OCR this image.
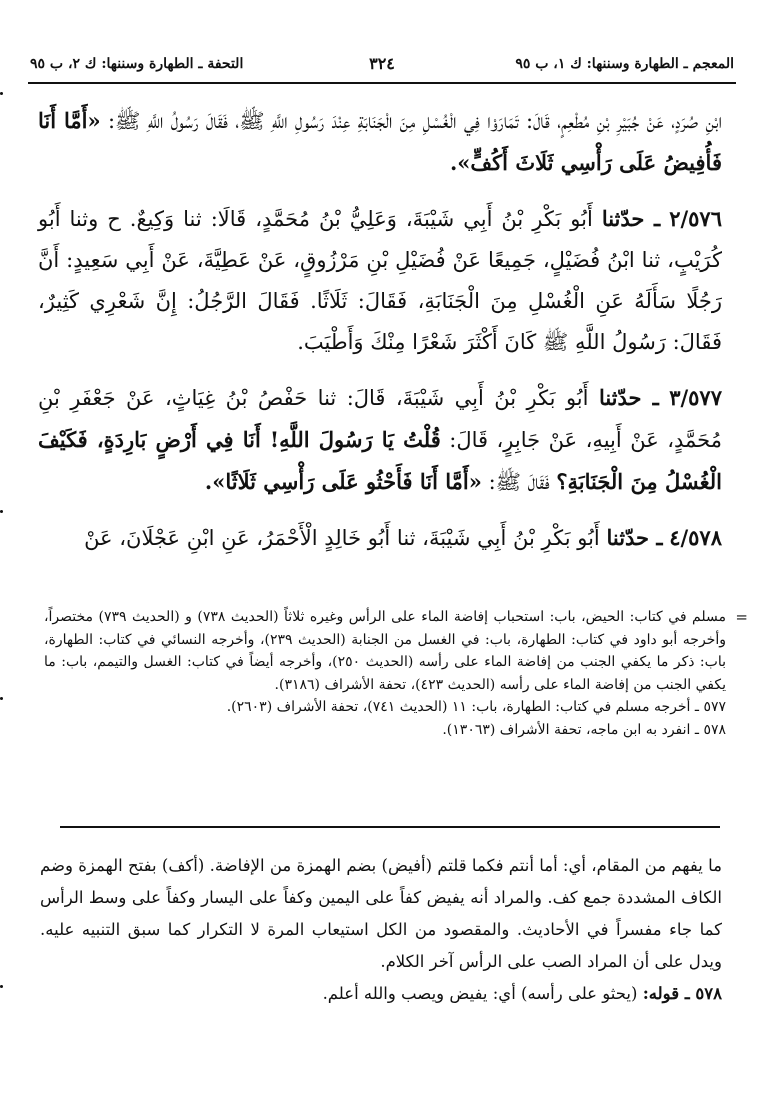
المعجم ـ الطهارة وسننها: ك ١، ب ٩٥
٣٢٤
التحفة ـ الطهارة وسننها: ك ٢، ب ٩٥

ابْنِ صُرَدٍ، عَنْ جُبَيْرِ بْنِ مُطْعِمٍ، قَالَ: تَمَارَوْا فِي الْغُسْلِ مِنَ الْجَنَابَةِ عِنْدَ رَسُولِ اللَّهِ ﷺ، فَقَالَ رَسُولُ اللَّهِ ﷺ: «أَمَّا أَنَا فَأُفِيضُ عَلَى رَأْسِي ثَلَاثَ أَكُفٍّ».

٢/٥٧٦ ـ حدّثنا أَبُو بَكْرِ بْنُ أَبِي شَيْبَةَ، وَعَلِيُّ بْنُ مُحَمَّدٍ، قَالَا: ثنا وَكِيعٌ. ح وثنا أَبُو كُرَيْبٍ، ثنا ابْنُ فُضَيْلٍ، جَمِيعًا عَنْ فُضَيْلِ بْنِ مَرْزُوقٍ، عَنْ عَطِيَّةَ، عَنْ أَبِي سَعِيدٍ: أَنَّ رَجُلًا سَأَلَهُ عَنِ الْغُسْلِ مِنَ الْجَنَابَةِ، فَقَالَ: ثَلَاثًا. فَقَالَ الرَّجُلُ: إِنَّ شَعْرِي كَثِيرٌ، فَقَالَ: رَسُولُ اللَّهِ ﷺ كَانَ أَكْثَرَ شَعْرًا مِنْكَ وَأَطْيَبَ.

٣/٥٧٧ ـ حدّثنا أَبُو بَكْرِ بْنُ أَبِي شَيْبَةَ، قَالَ: ثنا حَفْصُ بْنُ غِيَاثٍ، عَنْ جَعْفَرِ بْنِ مُحَمَّدٍ، عَنْ أَبِيهِ، عَنْ جَابِرٍ، قَالَ: قُلْتُ يَا رَسُولَ اللَّهِ! أَنَا فِي أَرْضٍ بَارِدَةٍ، فَكَيْفَ الْغُسْلُ مِنَ الْجَنَابَةِ؟ فَقَالَ ﷺ: «أَمَّا أَنَا فَأَحْثُو عَلَى رَأْسِي ثَلَاثًا».

٤/٥٧٨ ـ حدّثنا أَبُو بَكْرِ بْنُ أَبِي شَيْبَةَ، ثنا أَبُو خَالِدٍ الْأَحْمَرُ، عَنِ ابْنِ عَجْلَانَ، عَنْ

=

مسلم في كتاب: الحيض، باب: استحباب إفاضة الماء على الرأس وغيره ثلاثاً (الحديث ٧٣٨) و (الحديث ٧٣٩) مختصراً، وأخرجه أبو داود في كتاب: الطهارة، باب: في الغسل من الجنابة (الحديث ٢٣٩)، وأخرجه النسائي في كتاب: الطهارة، باب: ذكر ما يكفي الجنب من إفاضة الماء على رأسه (الحديث ٢٥٠)، وأخرجه أيضاً في كتاب: الغسل والتيمم، باب: ما يكفي الجنب من إفاضة الماء على رأسه (الحديث ٤٢٣)، تحفة الأشراف (٣١٨٦).

٥٧٧ ـ أخرجه مسلم في كتاب: الطهارة، باب: ١١ (الحديث ٧٤١)، تحفة الأشراف (٢٦٠٣).

٥٧٨ ـ انفرد به ابن ماجه، تحفة الأشراف (١٣٠٦٣).

ما يفهم من المقام، أي: أما أنتم فكما قلتم (أفيض) بضم الهمزة من الإفاضة. (أكف) بفتح الهمزة وضم الكاف المشددة جمع كف. والمراد أنه يفيض كفاً على اليمين وكفاً على اليسار وكفاً على وسط الرأس كما جاء مفسراً في الأحاديث. والمقصود من الكل استيعاب المرة لا التكرار كما سبق التنبيه عليه. ويدل على أن المراد الصب على الرأس آخر الكلام.

٥٧٨ ـ قوله: (يحثو على رأسه) أي: يفيض ويصب والله أعلم.
